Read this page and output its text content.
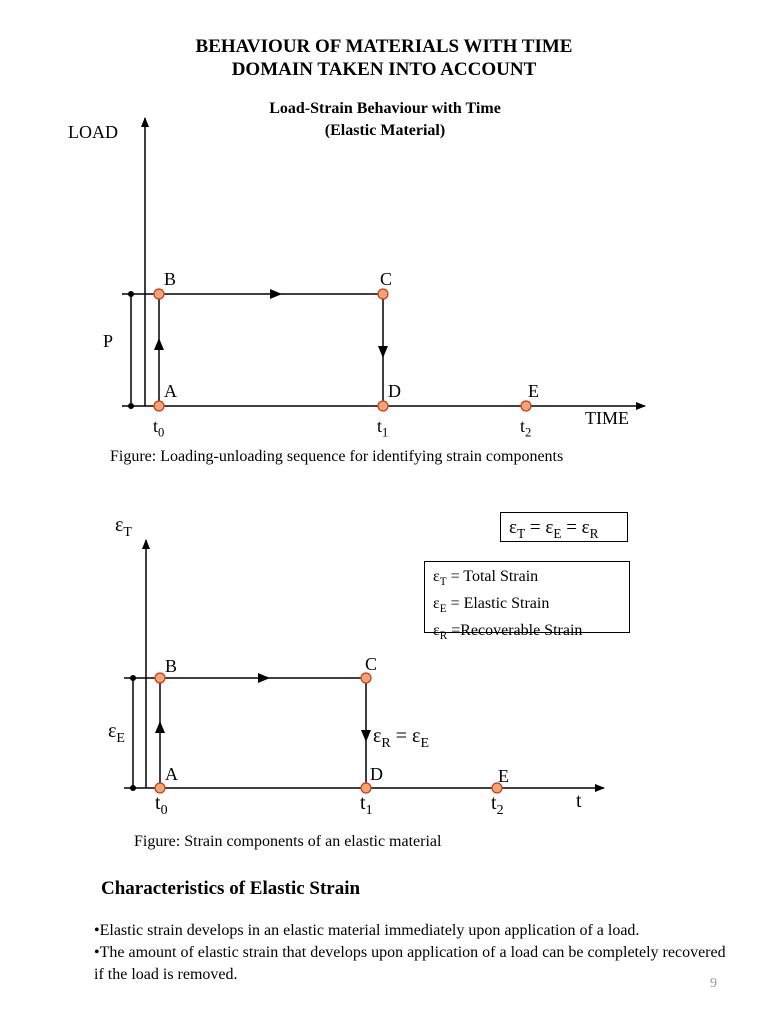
BEHAVIOUR OF MATERIALS WITH TIME
DOMAIN TAKEN INTO ACCOUNT
Load-Strain Behaviour with Time
(Elastic Material)
LOAD
TIME
P
B	C
A	D	E
$t_0$	$t_1$	$t_2$
Figure: Loading-unloading sequence for identifying strain components
$\varepsilon_T$
t
$\varepsilon_E$	$\varepsilon_R = \varepsilon_E$
B	C
A	D	E
$t_0$	$t_1$	$t_2$
Figure: Strain components of an elastic material
$\varepsilon_T = \varepsilon_E = \varepsilon_R$
$\varepsilon_T$ = Total Strain
$\varepsilon_E$ = Elastic Strain
$\varepsilon_R$ =Recoverable Strain
Characteristics of Elastic Strain

•Elastic strain develops in an elastic material immediately upon application of a load.

•The amount of elastic strain that develops upon application of a load can be completely recovered if the load is removed.

9
